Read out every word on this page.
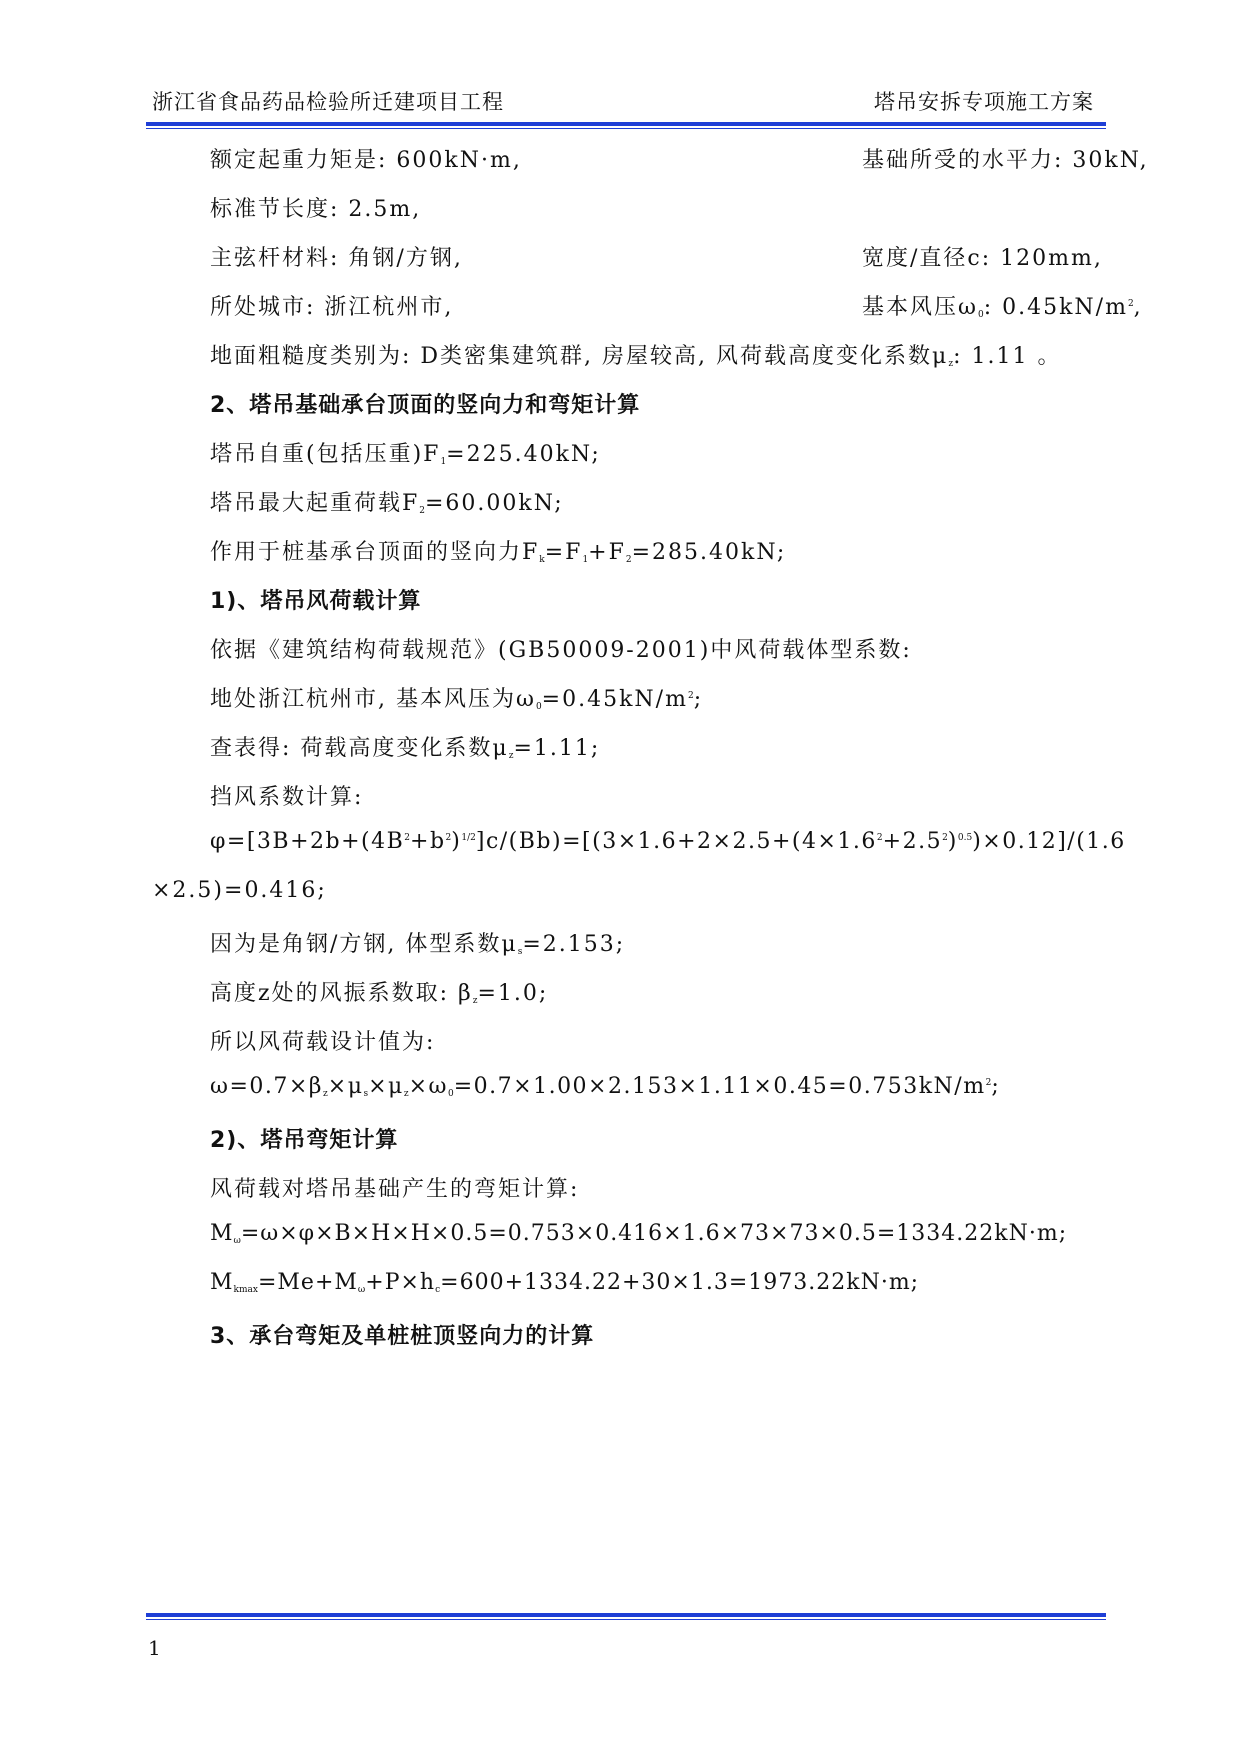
浙江省食品药品检验所迁建项目工程	塔吊安拆专项施工方案
额定起重力矩是: 600kN·m,	基础所受的水平力: 30kN,
标准节长度: 2.5m,
主弦杆材料: 角钢/方钢,	宽度/直径c: 120mm,
所处城市: 浙江杭州市,	基本风压$\omega_0$: $0.45kN/m^2$,
地面粗糙度类别为: D类密集建筑群, 房屋较高, 风荷载高度变化系数$\mu_z$: 1.11 。
2、塔吊基础承台顶面的竖向力和弯矩计算
塔吊自重(包括压重)$F_1=225.40kN$;
塔吊最大起重荷载$F_2=60.00kN$;
作用于桩基承台顶面的竖向力$F_k=F_1+F_2=285.40kN$;
1)、塔吊风荷载计算
依据《建筑结构荷载规范》(GB50009-2001)中风荷载体型系数:
地处浙江杭州市, 基本风压为$\omega_0=0.45kN/m^2$;
查表得: 荷载高度变化系数$\mu_z=1.11$;
挡风系数计算:
$\varphi=[3B+2b+(4B^2+b^2)^{1/2}]c/(Bb)=[(3\times 1.6+2\times 2.5+(4\times 1.6^2+2.5^2)^{0.5})\times 0.12]/(1.6$
×2.5)=0.416;
因为是角钢/方钢, 体型系数$\mu_s=2.153$;
高度z处的风振系数取: $\beta_z=1.0$;
所以风荷载设计值为:
$\omega=0.7\times\beta_z\times\mu_s\times\mu_z\times\omega_0=0.7\times 1.00\times 2.153\times 1.11\times 0.45=0.753kN/m^2$;
2)、塔吊弯矩计算
风荷载对塔吊基础产生的弯矩计算:
$M_\omega=\omega\times\varphi\times B\times H\times H\times 0.5=0.753\times 0.416\times 1.6\times 73\times 73\times 0.5=1334.22kN\cdot m$;
$M_{kmax}=Me+M_\omega+P\times h_c=600+1334.22+30\times 1.3=1973.22kN\cdot m$;
3、承台弯矩及单桩桩顶竖向力的计算
1
